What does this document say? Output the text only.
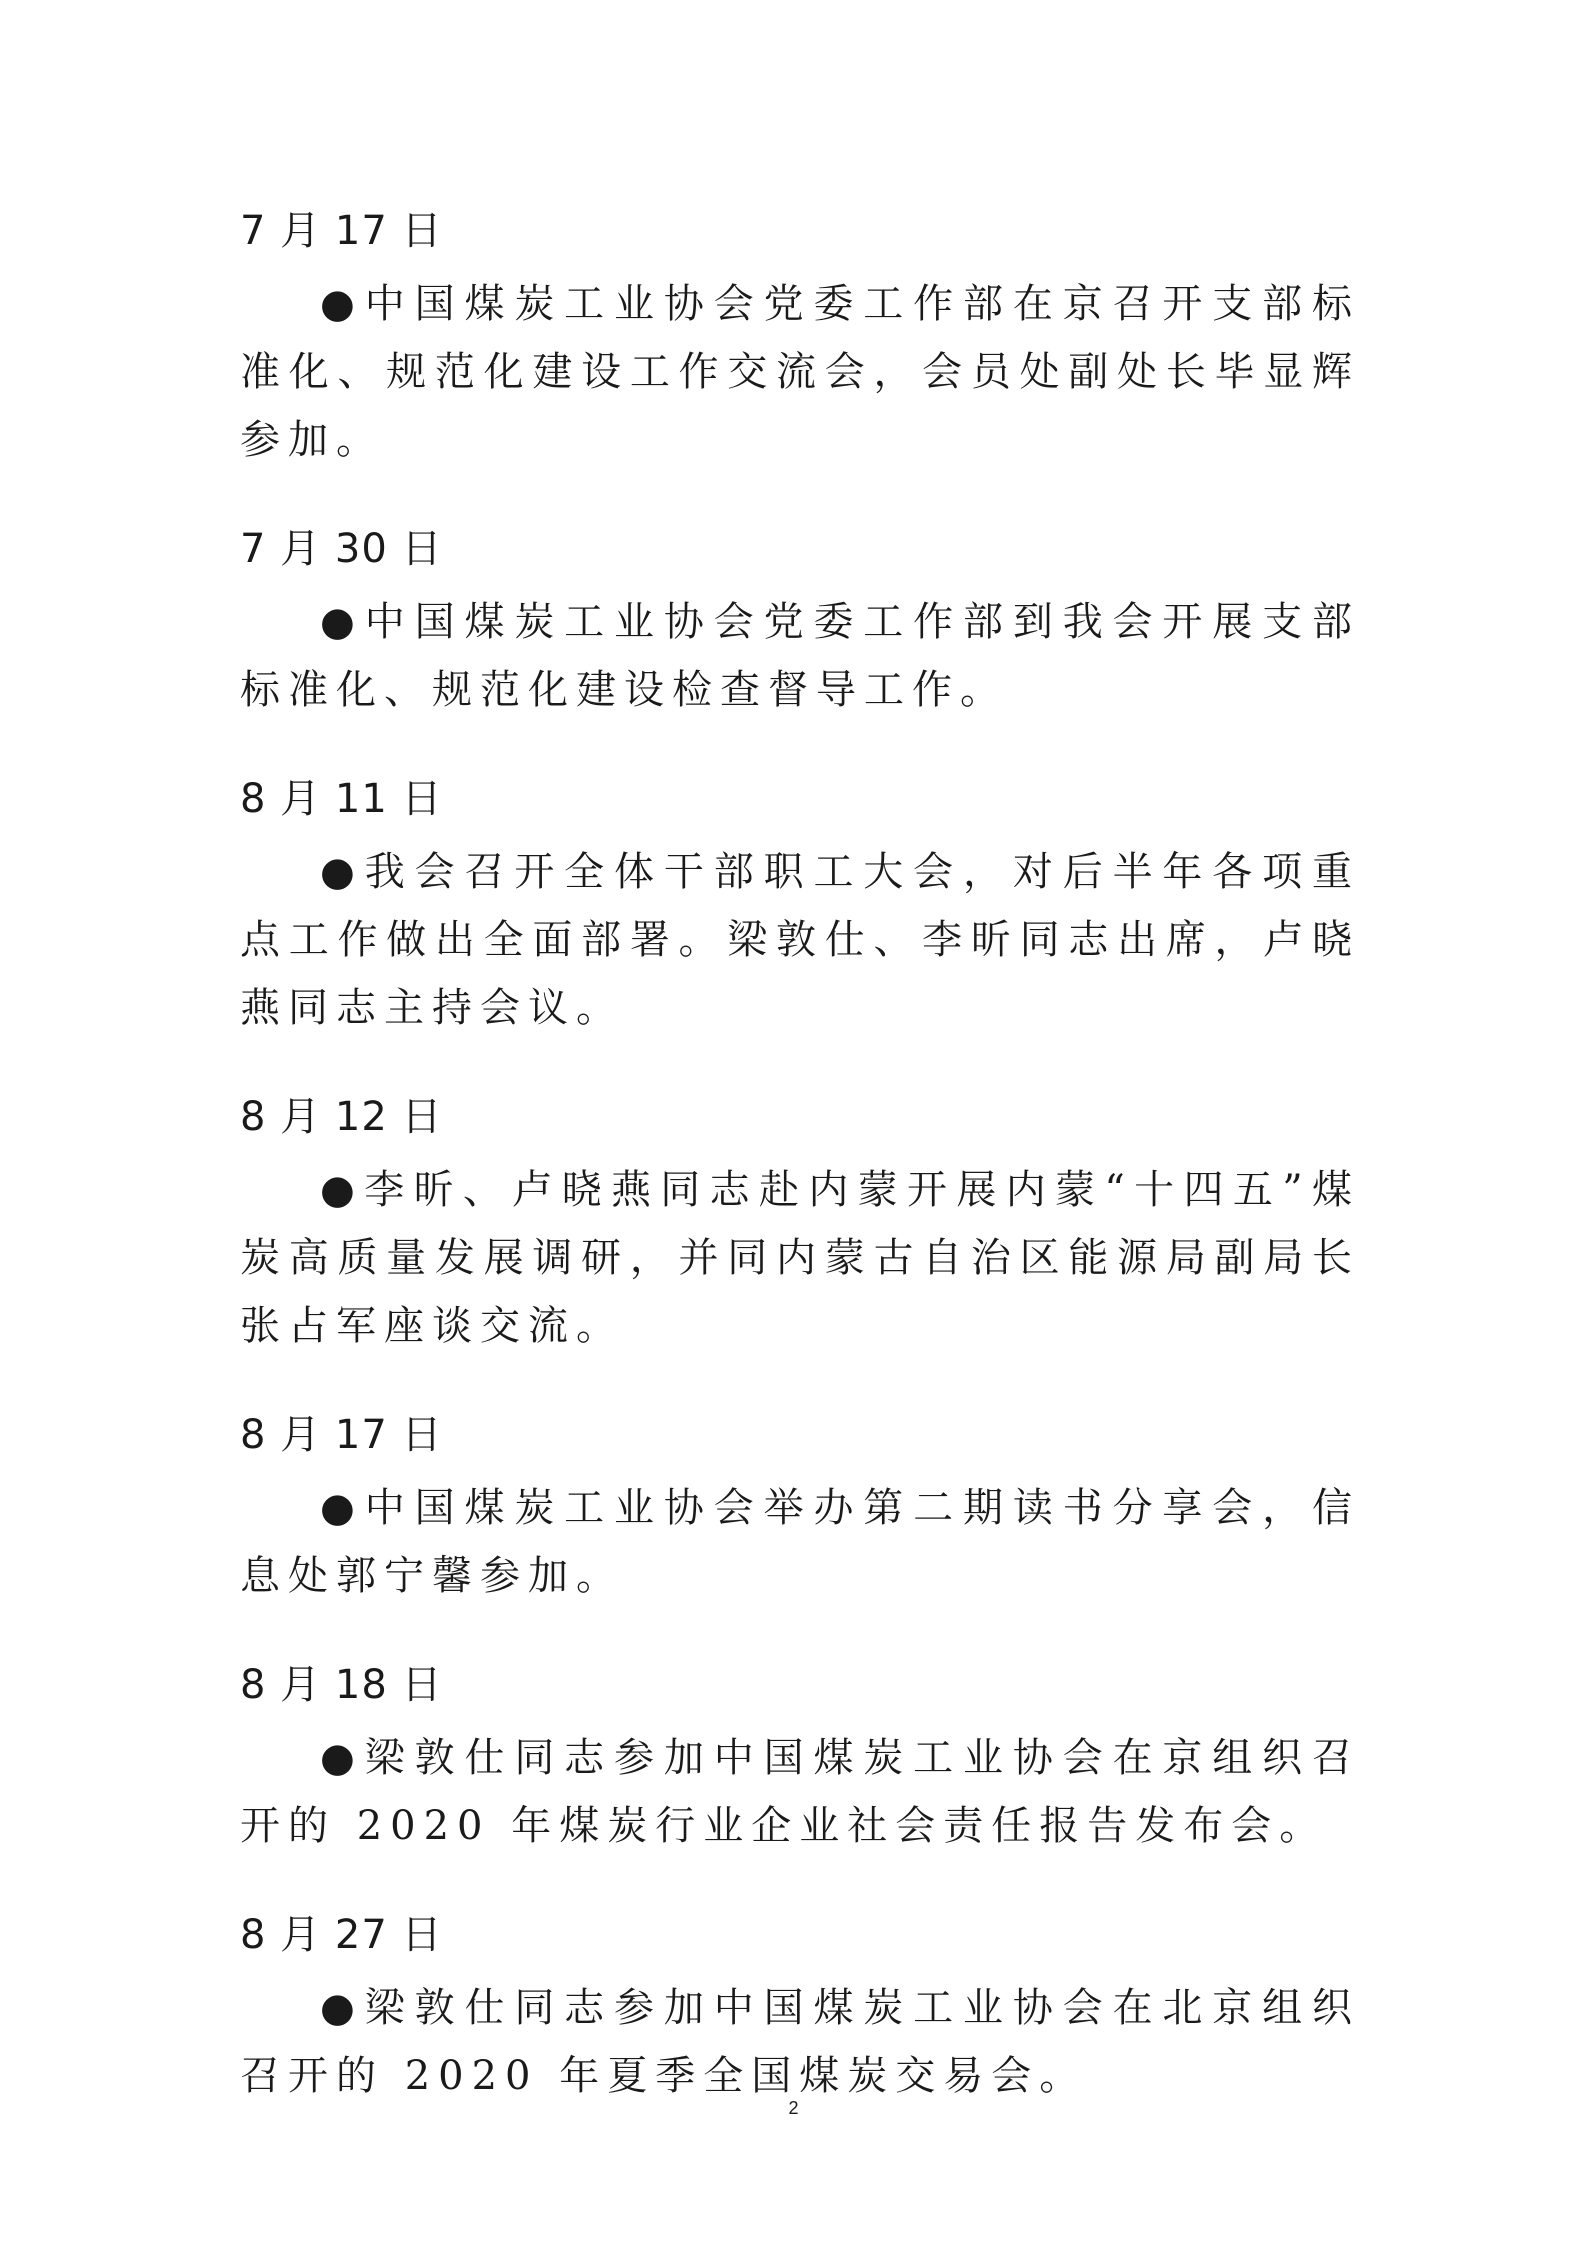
7 月 17 日

●中国煤炭工业协会党委工作部在京召开支部标准化、规范化建设工作交流会，会员处副处长毕显辉参加。

7 月 30 日

●中国煤炭工业协会党委工作部到我会开展支部标准化、规范化建设检查督导工作。

8 月 11 日

●我会召开全体干部职工大会，对后半年各项重点工作做出全面部署。梁敦仕、李昕同志出席，卢晓燕同志主持会议。

8 月 12 日

●李昕、卢晓燕同志赴内蒙开展内蒙“十四五”煤炭高质量发展调研，并同内蒙古自治区能源局副局长张占军座谈交流。

8 月 17 日

●中国煤炭工业协会举办第二期读书分享会，信息处郭宁馨参加。

8 月 18 日

●梁敦仕同志参加中国煤炭工业协会在京组织召开的 2020 年煤炭行业企业社会责任报告发布会。

8 月 27 日

●梁敦仕同志参加中国煤炭工业协会在北京组织召开的 2020 年夏季全国煤炭交易会。

2
